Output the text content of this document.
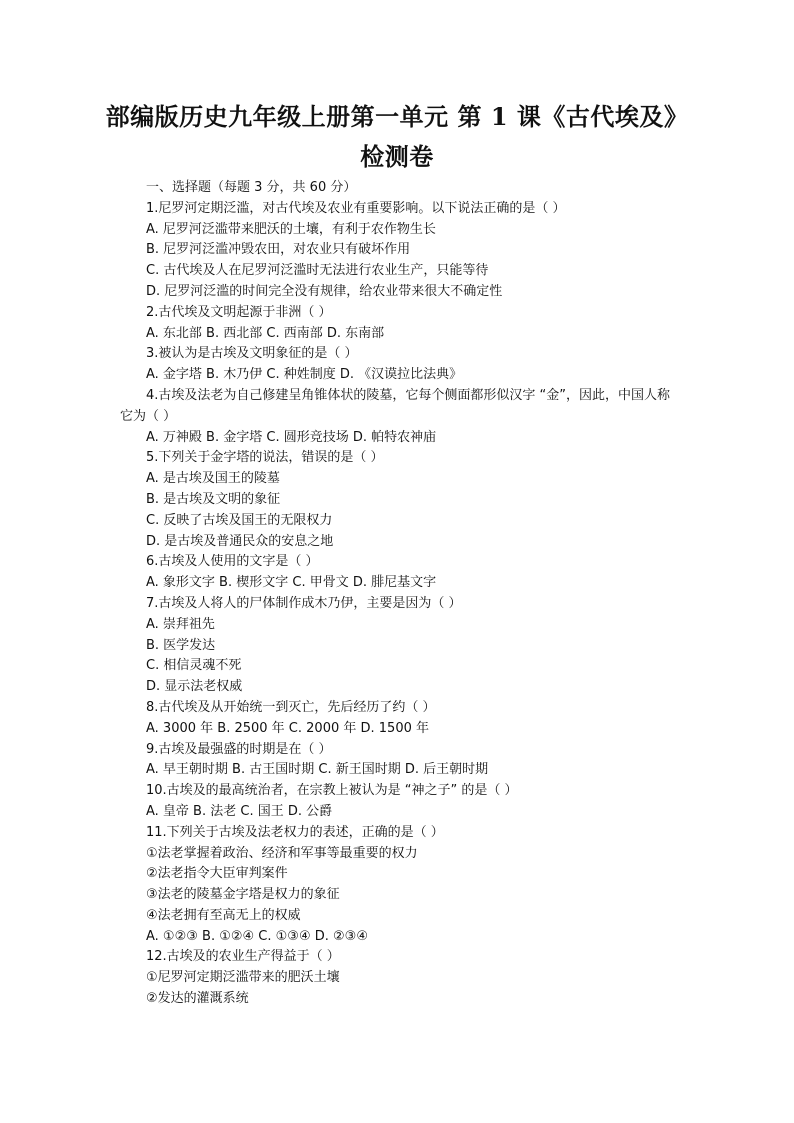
部编版历史九年级上册第一单元 第 1 课《古代埃及》
检测卷
一、选择题（每题 3 分，共 60 分）
1.尼罗河定期泛滥，对古代埃及农业有重要影响。以下说法正确的是（ ）
A. 尼罗河泛滥带来肥沃的土壤，有利于农作物生长
B. 尼罗河泛滥冲毁农田，对农业只有破坏作用
C. 古代埃及人在尼罗河泛滥时无法进行农业生产，只能等待
D. 尼罗河泛滥的时间完全没有规律，给农业带来很大不确定性
2.古代埃及文明起源于非洲（ ）
A. 东北部 B. 西北部 C. 西南部 D. 东南部
3.被认为是古埃及文明象征的是（ ）
A. 金字塔 B. 木乃伊 C. 种姓制度 D. 《汉谟拉比法典》
4.古埃及法老为自己修建呈角锥体状的陵墓，它每个侧面都形似汉字 “金”，因此，中国人称它为（ ）
A. 万神殿 B. 金字塔 C. 圆形竞技场 D. 帕特农神庙
5.下列关于金字塔的说法，错误的是（ ）
A. 是古埃及国王的陵墓
B. 是古埃及文明的象征
C. 反映了古埃及国王的无限权力
D. 是古埃及普通民众的安息之地
6.古埃及人使用的文字是（ ）
A. 象形文字 B. 楔形文字 C. 甲骨文 D. 腓尼基文字
7.古埃及人将人的尸体制作成木乃伊，主要是因为（ ）
A. 崇拜祖先
B. 医学发达
C. 相信灵魂不死
D. 显示法老权威
8.古代埃及从开始统一到灭亡，先后经历了约（ ）
A. 3000 年 B. 2500 年 C. 2000 年 D. 1500 年
9.古埃及最强盛的时期是在（ ）
A. 早王朝时期 B. 古王国时期 C. 新王国时期 D. 后王朝时期
10.古埃及的最高统治者，在宗教上被认为是 “神之子” 的是（ ）
A. 皇帝 B. 法老 C. 国王 D. 公爵
11.下列关于古埃及法老权力的表述，正确的是（ ）
①法老掌握着政治、经济和军事等最重要的权力
②法老指令大臣审判案件
③法老的陵墓金字塔是权力的象征
④法老拥有至高无上的权威
A. ①②③ B. ①②④ C. ①③④ D. ②③④
12.古埃及的农业生产得益于（ ）
①尼罗河定期泛滥带来的肥沃土壤
②发达的灌溉系统
